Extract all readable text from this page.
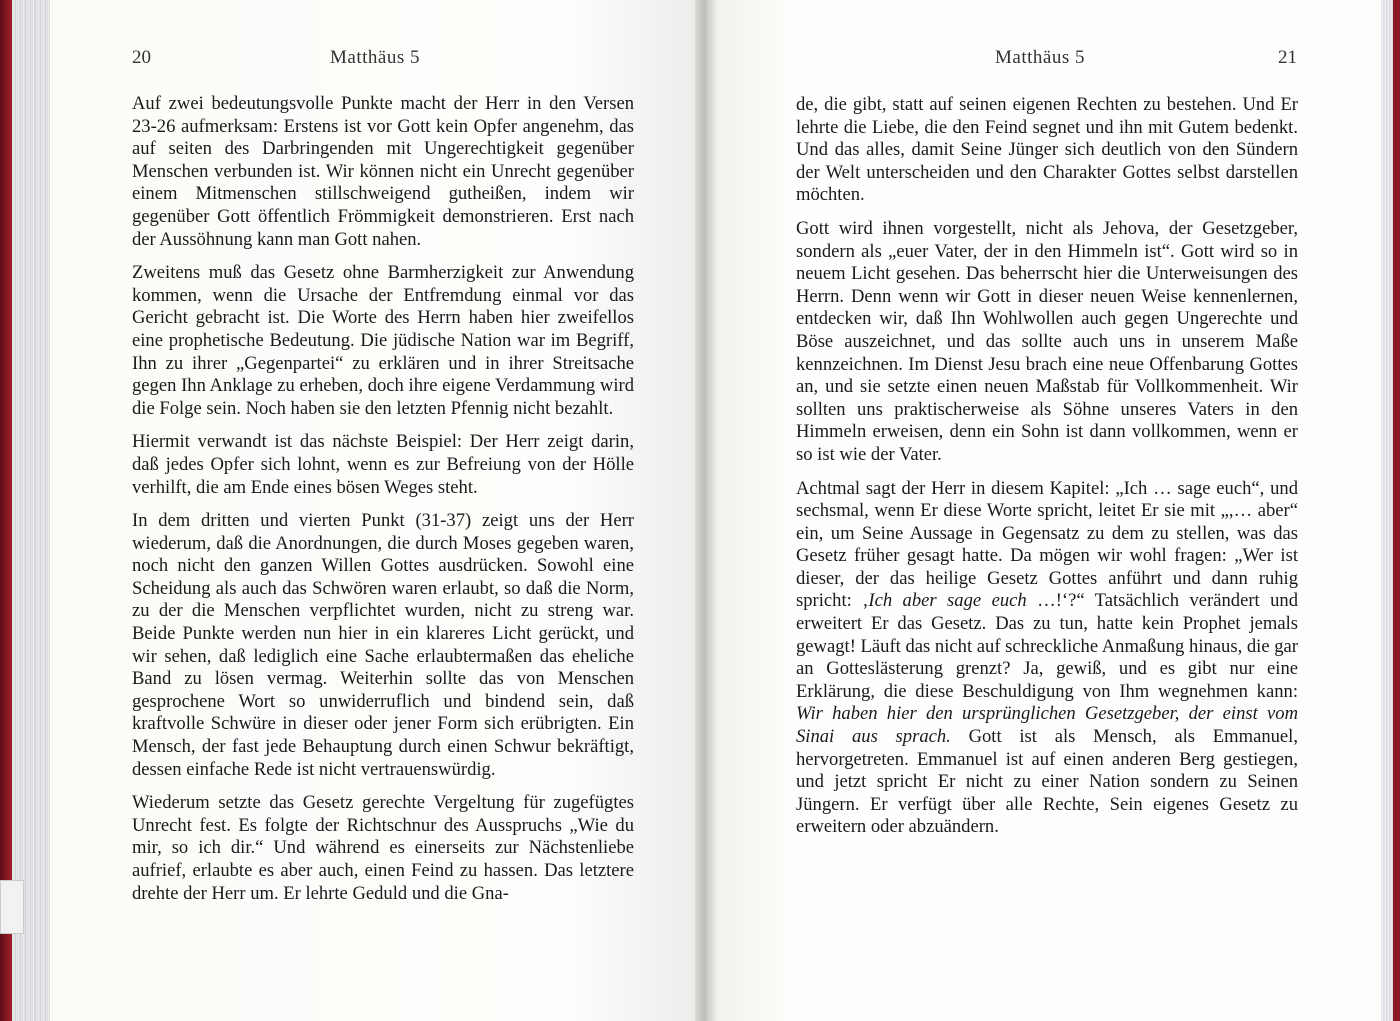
20	Matthäus 5	Matthäus 5	21

Auf zwei bedeutungsvolle Punkte macht der Herr in den Versen 23-26 aufmerksam: Erstens ist vor Gott kein Opfer angenehm, das auf seiten des Darbringenden mit Ungerechtigkeit gegenüber Menschen verbunden ist. Wir können nicht ein Unrecht gegenüber einem Mitmenschen stillschweigend gutheißen, indem wir gegenüber Gott öffentlich Frömmigkeit demonstrieren. Erst nach der Aussöhnung kann man Gott nahen.

Zweitens muß das Gesetz ohne Barmherzigkeit zur Anwendung kommen, wenn die Ursache der Entfremdung einmal vor das Gericht gebracht ist. Die Worte des Herrn haben hier zweifellos eine prophetische Bedeutung. Die jüdische Nation war im Begriff, Ihn zu ihrer „Gegenpartei“ zu erklären und in ihrer Streitsache gegen Ihn Anklage zu erheben, doch ihre eigene Verdammung wird die Folge sein. Noch haben sie den letzten Pfennig nicht bezahlt.

Hiermit verwandt ist das nächste Beispiel: Der Herr zeigt darin, daß jedes Opfer sich lohnt, wenn es zur Befreiung von der Hölle verhilft, die am Ende eines bösen Weges steht.

In dem dritten und vierten Punkt (31-37) zeigt uns der Herr wiederum, daß die Anordnungen, die durch Moses gegeben waren, noch nicht den ganzen Willen Gottes ausdrücken. Sowohl eine Scheidung als auch das Schwören waren erlaubt, so daß die Norm, zu der die Menschen verpflichtet wurden, nicht zu streng war. Beide Punkte werden nun hier in ein klareres Licht gerückt, und wir sehen, daß lediglich eine Sache erlaubtermaßen das eheliche Band zu lösen vermag. Weiterhin sollte das von Menschen gesprochene Wort so unwiderruflich und bindend sein, daß kraftvolle Schwüre in dieser oder jener Form sich erübrigten. Ein Mensch, der fast jede Behauptung durch einen Schwur bekräftigt, dessen einfache Rede ist nicht vertrauenswürdig.

Wiederum setzte das Gesetz gerechte Vergeltung für zugefügtes Unrecht fest. Es folgte der Richtschnur des Ausspruchs „Wie du mir, so ich dir.“ Und während es einerseits zur Nächstenliebe aufrief, erlaubte es aber auch, einen Feind zu hassen. Das letztere drehte der Herr um. Er lehrte Geduld und die Gna-

de, die gibt, statt auf seinen eigenen Rechten zu bestehen. Und Er lehrte die Liebe, die den Feind segnet und ihn mit Gutem bedenkt. Und das alles, damit Seine Jünger sich deutlich von den Sündern der Welt unterscheiden und den Charakter Gottes selbst darstellen möchten.

Gott wird ihnen vorgestellt, nicht als Jehova, der Gesetzgeber, sondern als „euer Vater, der in den Himmeln ist“. Gott wird so in neuem Licht gesehen. Das beherrscht hier die Unterweisungen des Herrn. Denn wenn wir Gott in dieser neuen Weise kennenlernen, entdecken wir, daß Ihn Wohlwollen auch gegen Ungerechte und Böse auszeichnet, und das sollte auch uns in unserem Maße kennzeichnen. Im Dienst Jesu brach eine neue Offenbarung Gottes an, und sie setzte einen neuen Maßstab für Vollkommenheit. Wir sollten uns praktischerweise als Söhne unseres Vaters in den Himmeln erweisen, denn ein Sohn ist dann vollkommen, wenn er so ist wie der Vater.

Achtmal sagt der Herr in diesem Kapitel: „Ich … sage euch“, und sechsmal, wenn Er diese Worte spricht, leitet Er sie mit „,… aber“ ein, um Seine Aussage in Gegensatz zu dem zu stellen, was das Gesetz früher gesagt hatte. Da mögen wir wohl fragen: „Wer ist dieser, der das heilige Gesetz Gottes anführt und dann ruhig spricht: ‚Ich aber sage euch …!‘?“ Tatsächlich verändert und erweitert Er das Gesetz. Das zu tun, hatte kein Prophet jemals gewagt! Läuft das nicht auf schreckliche Anmaßung hinaus, die gar an Gotteslästerung grenzt? Ja, gewiß, und es gibt nur eine Erklärung, die diese Beschuldigung von Ihm wegnehmen kann: Wir haben hier den ursprünglichen Gesetzgeber, der einst vom Sinai aus sprach. Gott ist als Mensch, als Emmanuel, hervorgetreten. Emmanuel ist auf einen anderen Berg gestiegen, und jetzt spricht Er nicht zu einer Nation sondern zu Seinen Jüngern. Er verfügt über alle Rechte, Sein eigenes Gesetz zu erweitern oder abzuändern.
